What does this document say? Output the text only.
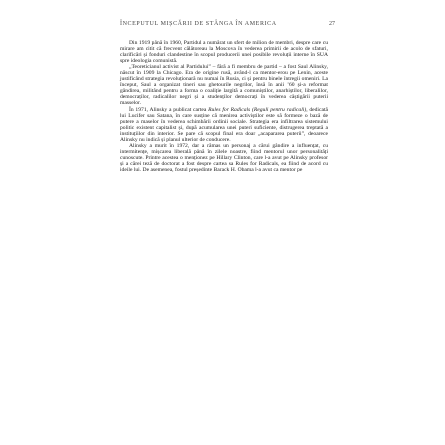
ÎNCEPUTUL MIȘCĂRII DE STÂNGA ÎN AMERICA	27

Din 1919 până în 1960, Partidul a numărat un sfert de milion de membri, despre care cu mirare am citit că frecvent călătoreau la Moscova în vederea primirii de acolo de sfaturi, clarificări și fonduri clandestine în scopul producerii unei posibile revoluții interne în SUA spre ideologia comunistă.

„Teoreticianul activist al Partidului” – fără a fi membru de partid – a fost Saul Alinsky, născut în 1909 la Chicago. Era de origine rusă, având-l ca mentor-erou pe Lenin, aceste justificând strategia revoluționară nu numai în Rusia, ci și pentru binele întregii omeniri. La început, Saul a organizat tineri sau ghetourile negrilor, însă în anii ’60 și-a reformat gândirea, militând pentru a forma o coaliție largită a comuniștilor, anarhiștilor, liberalilor, democraților, radicalilor negri și a studenților democrați în vederea câștigării puterii masselor.

În 1971, Alinsky a publicat cartea Rules for Radicals (Reguli pentru radicali), dedicată lui Lucifer sau Satana, în care susține că menirea activiștilor este să formeze o bază de putere a maselor în vederea schimbării ordinii sociale. Strategia era infiltrarea sistemului politic existent capitalist și, după acumularea unei puteri suficiente, distrugerea treptată a instituțiilor din interior. Se pare că scopul final era doar „acapararea puterii”, deoarece Alinsky nu indică și planul ulterior de conducere.

Alinsky a murit în 1972, dar a rămas un personaj a cărui gândire a influențat, cu intermitențe, mișcarea liberală până în zilele noastre, fiind mentorul unor personalități cunoscute. Printre acestea o menționez pe Hillary Clinton, care l-a avut pe Alinsky profesor și a cărei teză de doctorat a fost despre cartea sa Rules for Radicals, ea fiind de acord cu ideile lui. De asemenea, fostul președinte Barack H. Obama l-a avut ca mentor pe
